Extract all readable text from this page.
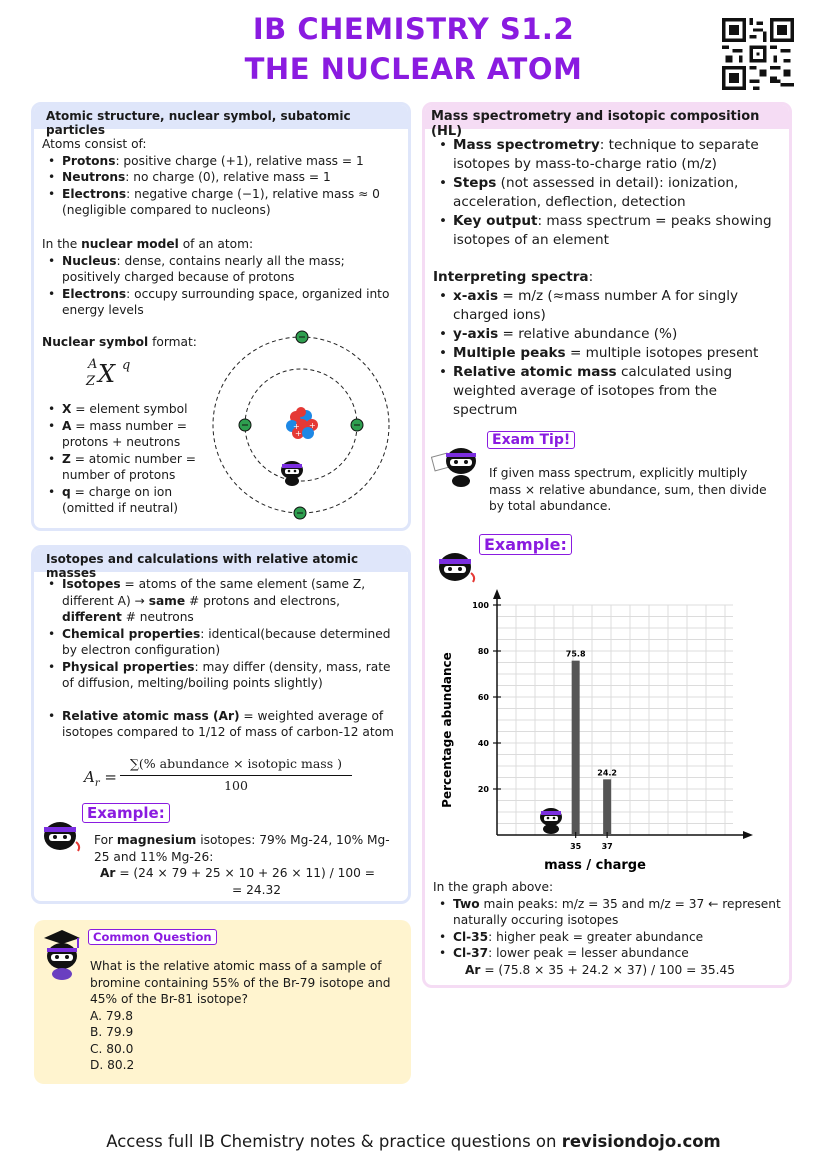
IB CHEMISTRY S1.2
THE NUCLEAR ATOM
Atomic structure, nuclear symbol, subatomic particles

Atoms consist of:

• Protons: positive charge (+1), relative mass = 1
• Neutrons: no charge (0), relative mass = 1
• Electrons: negative charge (−1), relative mass ≈ 0 (negligible compared to nucleons)

In the nuclear model of an atom:

• Nucleus: dense, contains nearly all the mass; positively charged because of protons
• Electrons: occupy surrounding space, organized into energy levels

Nuclear symbol format:

A
Z X q
• X = element symbol
• A = mass number = protons + neutrons
• Z = atomic number = number of protons
• q = charge on ion (omitted if neutral)
+ +
+
Isotopes and calculations with relative atomic masses
• Isotopes = atoms of the same element (same Z, different A) → same # protons and electrons, different # neutrons
• Chemical properties: identical(because determined by electron configuration)
• Physical properties: may differ (density, mass, rate of diffusion, melting/boiling points slightly)
• Relative atomic mass (Ar) = weighted average of isotopes compared to 1/12 of mass of carbon-12 atom
$A_r$ =
∑(% abundance × isotopic mass )
100
Example:

For magnesium isotopes: 79% Mg-24, 10% Mg-25 and 11% Mg-26:

Ar = (24 × 79 + 25 × 10 + 26 × 11) / 100 =

= 24.32

Common Question

What is the relative atomic mass of a sample of bromine containing 55% of the Br-79 isotope and 45% of the Br-81 isotope?

A. 79.8

B. 79.9

C. 80.0

D. 80.2

Mass spectrometry and isotopic composition (HL)
• Mass spectrometry: technique to separate isotopes by mass-to-charge ratio (m/z)
• Steps (not assessed in detail): ionization, acceleration, deflection, detection
• Key output: mass spectrum = peaks showing isotopes of an element

Interpreting spectra:

• x-axis = m/z (≈mass number A for singly charged ions)
• y-axis = relative abundance (%)
• Multiple peaks = multiple isotopes present
• Relative atomic mass calculated using weighted average of isotopes from the spectrum
Exam Tip!

If given mass spectrum, explicitly multiply mass × relative abundance, sum, then divide by total abundance.

Example:
20
40
60
80
100
75.8
35
24.2
37
mass / charge
Percentage abundance

In the graph above:

• Two main peaks: m/z = 35 and m/z = 37 ← represent naturally occuring isotopes
• Cl-35: higher peak = greater abundance
• Cl-37: lower peak = lesser abundance

Ar = (75.8 × 35 + 24.2 × 37) / 100 = 35.45

Access full IB Chemistry notes & practice questions on revisiondojo.com
